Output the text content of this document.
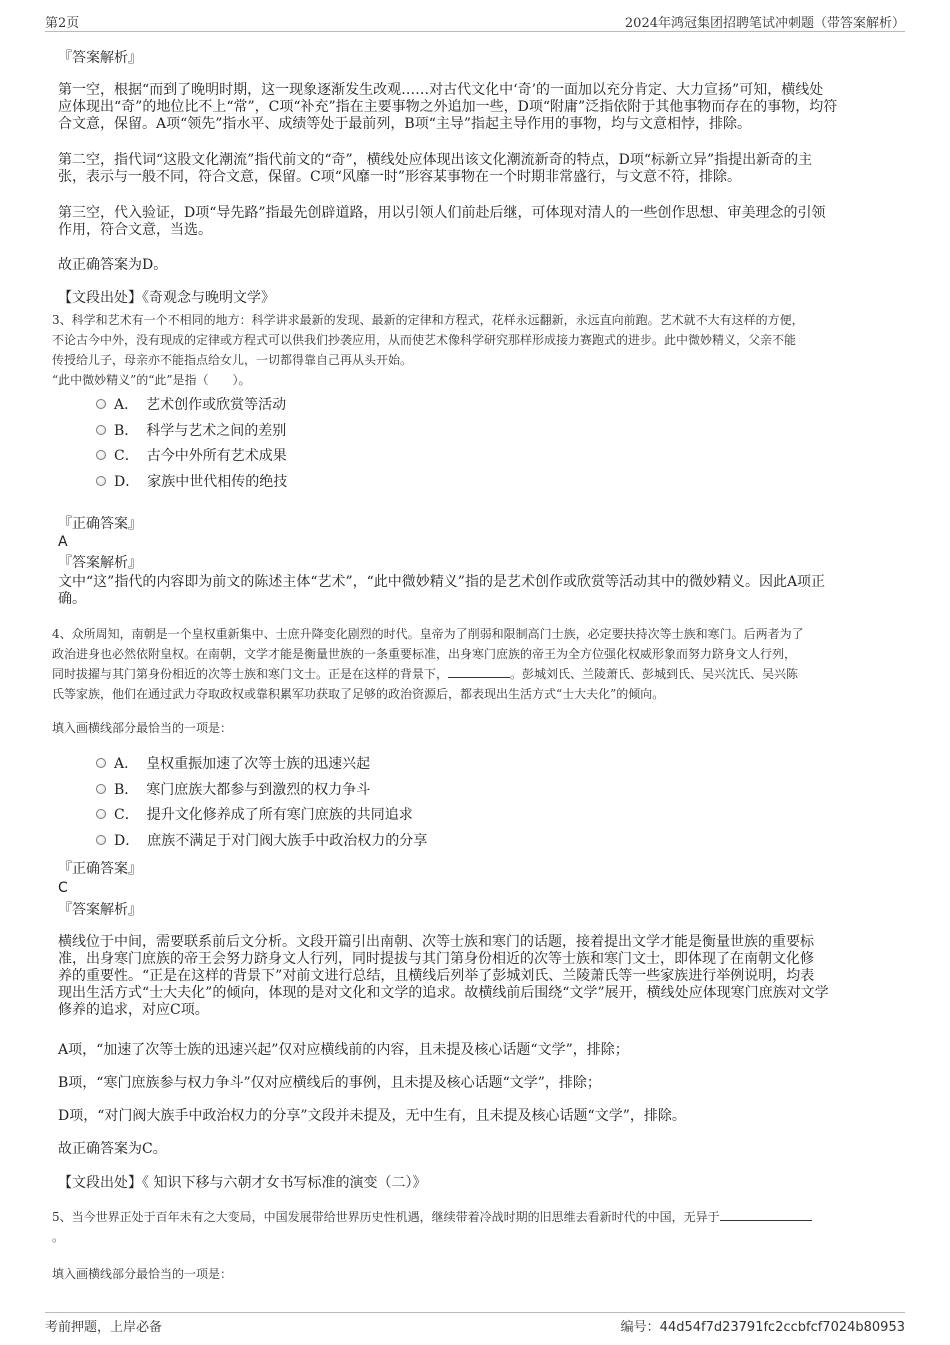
第2页	2024年鸿冠集团招聘笔试冲刺题（带答案解析）
『答案解析』
第一空，根据“而到了晚明时期，这一现象逐渐发生改观……对古代文化中‘奇’的一面加以充分肯定、大力宣扬”可知，横线处
应体现出“奇”的地位比不上“常”，C项“补充”指在主要事物之外追加一些，D项“附庸”泛指依附于其他事物而存在的事物，均符
合文意，保留。A项“领先”指水平、成绩等处于最前列，B项“主导”指起主导作用的事物，均与文意相悖，排除。
第二空，指代词“这股文化潮流”指代前文的“奇”，横线处应体现出该文化潮流新奇的特点，D项“标新立异”指提出新奇的主
张，表示与一般不同，符合文意，保留。C项“风靡一时”形容某事物在一个时期非常盛行，与文意不符，排除。
第三空，代入验证，D项“导先路”指最先创辟道路，用以引领人们前赴后继，可体现对清人的一些创作思想、审美理念的引领
作用，符合文意，当选。
故正确答案为D。
【文段出处】《奇观念与晚明文学》
3、科学和艺术有一个不相同的地方：科学讲求最新的发现、最新的定律和方程式，花样永远翻新，永远直向前跑。艺术就不大有这样的方便，
不论古今中外，没有现成的定律或方程式可以供我们抄袭应用，从而使艺术像科学研究那样形成接力赛跑式的进步。此中微妙精义，父亲不能
传授给儿子，母亲亦不能指点给女儿，一切都得靠自己再从头开始。
“此中微妙精义”的“此”是指（　　）。
A． 艺术创作或欣赏等活动
B． 科学与艺术之间的差别
C． 古今中外所有艺术成果
D． 家族中世代相传的绝技
『正确答案』
A
『答案解析』
文中“这”指代的内容即为前文的陈述主体“艺术”，“此中微妙精义”指的是艺术创作或欣赏等活动其中的微妙精义。因此A项正
确。
4、众所周知，南朝是一个皇权重新集中、士庶升降变化剧烈的时代。皇帝为了削弱和限制高门士族，必定要扶持次等士族和寒门。后两者为了
政治进身也必然依附皇权。在南朝，文学才能是衡量世族的一条重要标准，出身寒门庶族的帝王为全方位强化权威形象而努力跻身文人行列，
同时拔擢与其门第身份相近的次等士族和寒门文士。正是在这样的背景下，	。彭城刘氏、兰陵萧氏、彭城到氏、吴兴沈氏、吴兴陈
氏等家族，他们在通过武力夺取政权或靠积累军功获取了足够的政治资源后，都表现出生活方式“士大夫化”的倾向。
填入画横线部分最恰当的一项是：
A． 皇权重振加速了次等士族的迅速兴起
B． 寒门庶族大都参与到激烈的权力争斗
C． 提升文化修养成了所有寒门庶族的共同追求
D． 庶族不满足于对门阀大族手中政治权力的分享
『正确答案』
C
『答案解析』
横线位于中间，需要联系前后文分析。文段开篇引出南朝、次等士族和寒门的话题，接着提出文学才能是衡量世族的重要标
准，出身寒门庶族的帝王会努力跻身文人行列，同时提拔与其门第身份相近的次等士族和寒门文士，即体现了在南朝文化修
养的重要性。“正是在这样的背景下”对前文进行总结，且横线后列举了彭城刘氏、兰陵萧氏等一些家族进行举例说明，均表
现出生活方式“士大夫化”的倾向，体现的是对文化和文学的追求。故横线前后围绕“文学”展开，横线处应体现寒门庶族对文学
修养的追求，对应C项。
A项，“加速了次等士族的迅速兴起”仅对应横线前的内容，且未提及核心话题“文学”，排除；
B项，“寒门庶族参与权力争斗”仅对应横线后的事例，且未提及核心话题“文学”，排除；
D项，“对门阀大族手中政治权力的分享”文段并未提及，无中生有，且未提及核心话题“文学”，排除。
故正确答案为C。
【文段出处】《 知识下移与六朝才女书写标准的演变（二）》
5、当今世界正处于百年未有之大变局，中国发展带给世界历史性机遇，继续带着冷战时期的旧思维去看新时代的中国，无异于
。
填入画横线部分最恰当的一项是：
考前押题，上岸必备	编号：44d54f7d23791fc2ccbfcf7024b80953
